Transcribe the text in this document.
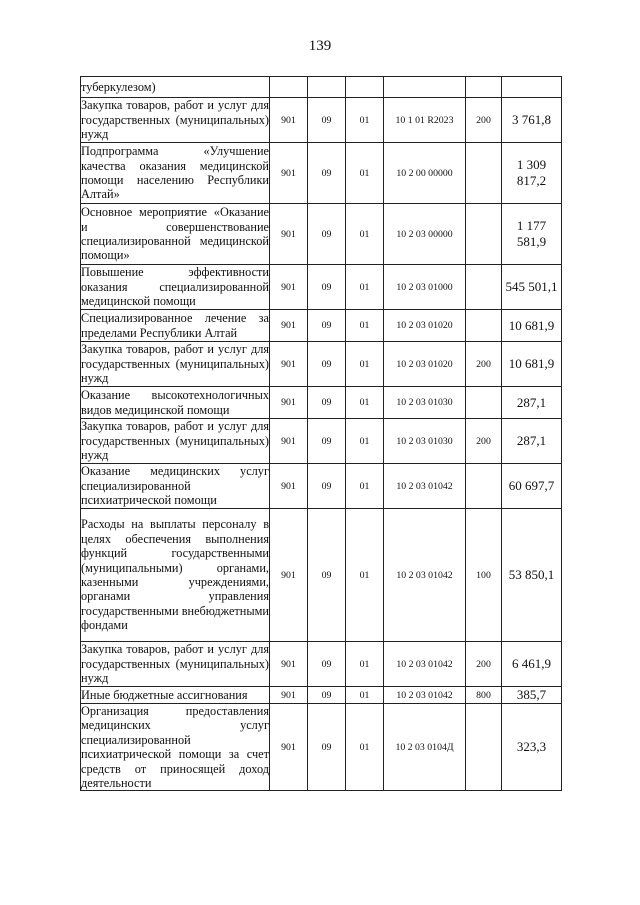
139
туберкулезом)						
Закупка товаров, работ и услуг для государственных (муниципальных) нужд	901	09	01	10 1 01 R2023	200	3 761,8
Подпрограмма «Улучшение качества оказания медицинской помощи населению Республики Алтай»	901	09	01	10 2 00 00000		1 309 817,2
Основное мероприятие «Оказание и совершенствование специализированной медицинской помощи»	901	09	01	10 2 03 00000		1 177 581,9
Повышение эффективности оказания специализированной медицинской помощи	901	09	01	10 2 03 01000		545 501,1
Специализированное лечение за пределами Республики Алтай	901	09	01	10 2 03 01020		10 681,9
Закупка товаров, работ и услуг для государственных (муниципальных) нужд	901	09	01	10 2 03 01020	200	10 681,9
Оказание высокотехнологичных видов медицинской помощи	901	09	01	10 2 03 01030		287,1
Закупка товаров, работ и услуг для государственных (муниципальных) нужд	901	09	01	10 2 03 01030	200	287,1
Оказание медицинских услуг специализированной психиатрической помощи	901	09	01	10 2 03 01042		60 697,7
Расходы на выплаты персоналу в целях обеспечения выполнения функций государственными (муниципальными) органами, казенными учреждениями, органами управления государственными внебюджетными фондами	901	09	01	10 2 03 01042	100	53 850,1
Закупка товаров, работ и услуг для государственных (муниципальных) нужд	901	09	01	10 2 03 01042	200	6 461,9
Иные бюджетные ассигнования	901	09	01	10 2 03 01042	800	385,7
Организация предоставления медицинских услуг специализированной психиатрической помощи за счет средств от приносящей доход деятельности	901	09	01	10 2 03 0104Д		323,3
